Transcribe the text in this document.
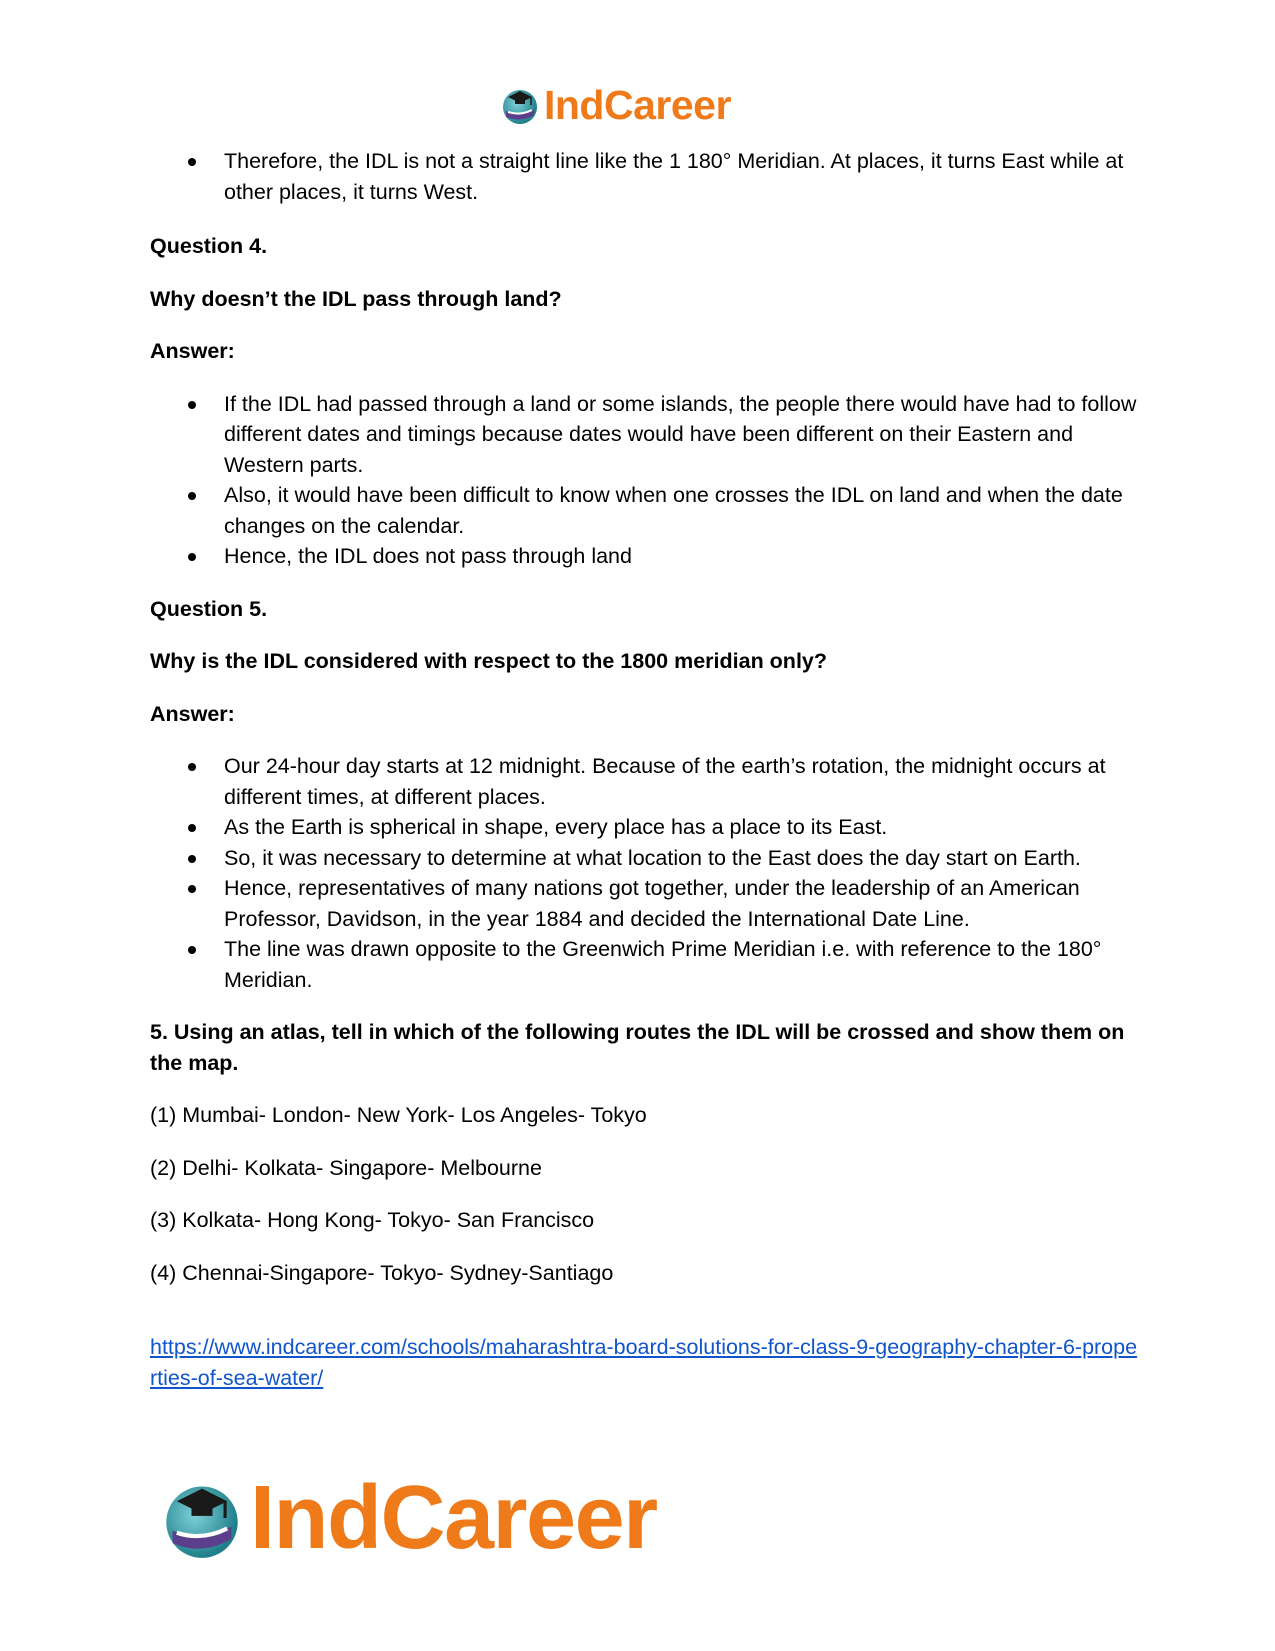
IndCareer
Therefore, the IDL is not a straight line like the 1 180° Meridian. At places, it turns East while at other places, it turns West.

Question 4.

Why doesn’t the IDL pass through land?

Answer:

If the IDL had passed through a land or some islands, the people there would have had to follow different dates and timings because dates would have been different on their Eastern and Western parts.
Also, it would have been difficult to know when one crosses the IDL on land and when the date changes on the calendar.
Hence, the IDL does not pass through land

Question 5.

Why is the IDL considered with respect to the 1800 meridian only?

Answer:

Our 24-hour day starts at 12 midnight. Because of the earth’s rotation, the midnight occurs at different times, at different places.
As the Earth is spherical in shape, every place has a place to its East.
So, it was necessary to determine at what location to the East does the day start on Earth.
Hence, representatives of many nations got together, under the leadership of an American Professor, Davidson, in the year 1884 and decided the International Date Line.
The line was drawn opposite to the Greenwich Prime Meridian i.e. with reference to the 180° Meridian.

5. Using an atlas, tell in which of the following routes the IDL will be crossed and show them on the map.

(1) Mumbai- London- New York- Los Angeles- Tokyo

(2) Delhi- Kolkata- Singapore- Melbourne

(3) Kolkata- Hong Kong- Tokyo- San Francisco

(4) Chennai-Singapore- Tokyo- Sydney-Santiago

https://www.indcareer.com/schools/maharashtra-board-solutions-for-class-9-geography-chapter-6-properties-of-sea-water/
IndCareer
